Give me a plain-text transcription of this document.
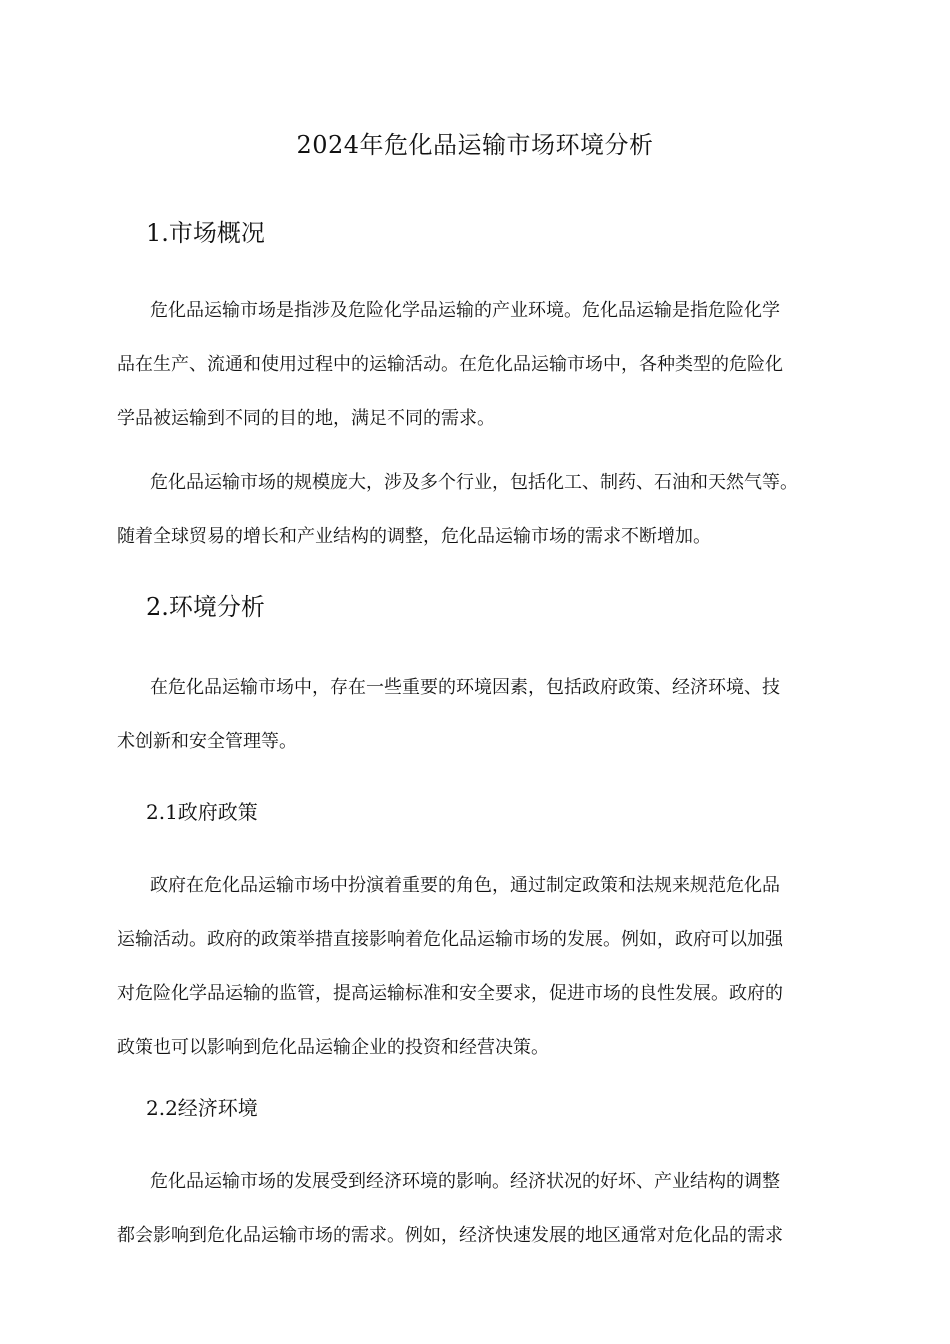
2024年危化品运输市场环境分析
1.市场概况
危化品运输市场是指涉及危险化学品运输的产业环境。危化品运输是指危险化学
品在生产、流通和使用过程中的运输活动。在危化品运输市场中，各种类型的危险化
学品被运输到不同的目的地，满足不同的需求。
危化品运输市场的规模庞大，涉及多个行业，包括化工、制药、石油和天然气等。
随着全球贸易的增长和产业结构的调整，危化品运输市场的需求不断增加。
2.环境分析
在危化品运输市场中，存在一些重要的环境因素，包括政府政策、经济环境、技
术创新和安全管理等。
2.1政府政策
政府在危化品运输市场中扮演着重要的角色，通过制定政策和法规来规范危化品
运输活动。政府的政策举措直接影响着危化品运输市场的发展。例如，政府可以加强
对危险化学品运输的监管，提高运输标准和安全要求，促进市场的良性发展。政府的
政策也可以影响到危化品运输企业的投资和经营决策。
2.2经济环境
危化品运输市场的发展受到经济环境的影响。经济状况的好坏、产业结构的调整
都会影响到危化品运输市场的需求。例如，经济快速发展的地区通常对危化品的需求
